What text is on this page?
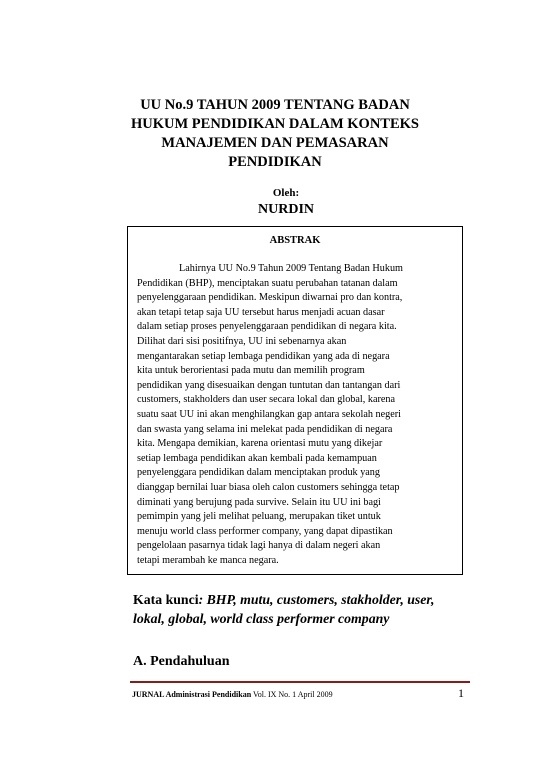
UU No.9 TAHUN 2009 TENTANG BADAN
HUKUM PENDIDIKAN DALAM KONTEKS
MANAJEMEN DAN PEMASARAN
PENDIDIKAN
Oleh:
NURDIN
ABSTRAK
Lahirnya UU No.9 Tahun 2009 Tentang Badan Hukum
Pendidikan (BHP), menciptakan suatu perubahan tatanan dalam
penyelenggaraan pendidikan. Meskipun diwarnai pro dan kontra,
akan tetapi tetap saja UU tersebut harus menjadi acuan dasar
dalam setiap proses penyelenggaraan pendidikan di negara kita.
Dilihat dari sisi positifnya, UU ini sebenarnya akan
mengantarakan setiap lembaga pendidikan yang ada di negara
kita untuk berorientasi pada mutu dan memilih program
pendidikan yang disesuaikan dengan tuntutan dan tantangan dari
customers, stakholders dan user secara lokal dan global, karena
suatu saat UU ini akan menghilangkan gap antara sekolah negeri
dan swasta yang selama ini melekat pada pendidikan di negara
kita. Mengapa demikian, karena orientasi mutu yang dikejar
setiap lembaga pendidikan akan kembali pada kemampuan
penyelenggara pendidikan dalam menciptakan produk yang
dianggap bernilai luar biasa oleh calon customers sehingga tetap
diminati yang berujung pada survive. Selain itu UU ini bagi
pemimpin yang jeli melihat peluang, merupakan tiket untuk
menuju world class performer company, yang dapat dipastikan
pengelolaan pasarnya tidak lagi hanya di dalam negeri akan
tetapi merambah ke manca negara.
Kata kunci: BHP, mutu, customers, stakholder, user,
lokal, global, world class performer company
A. Pendahuluan
JURNAL Administrasi Pendidikan Vol. IX No. 1 April 2009	1
